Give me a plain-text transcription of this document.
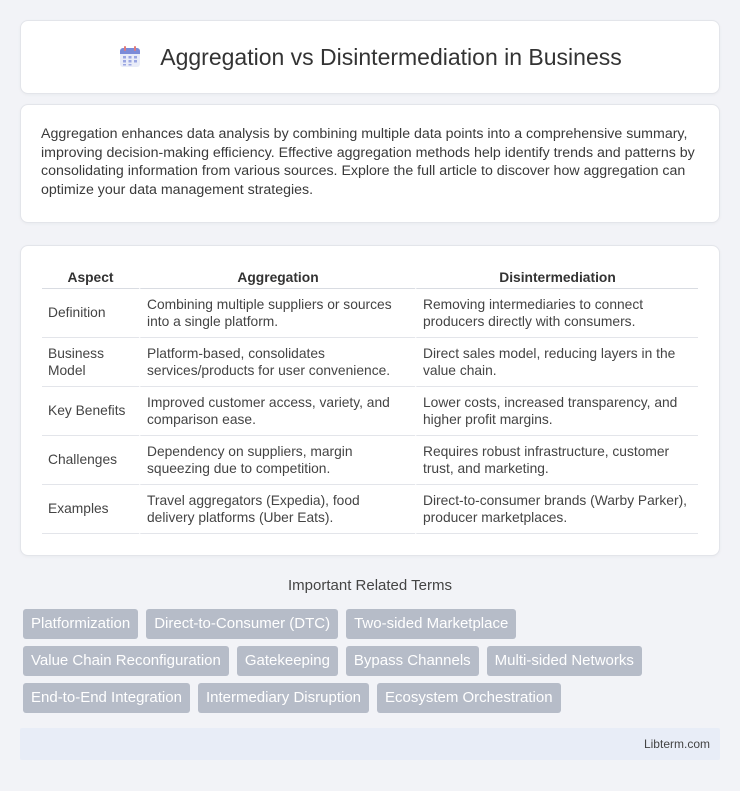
Aggregation vs Disintermediation in Business

Aggregation enhances data analysis by combining multiple data points into a comprehensive summary, improving decision-making efficiency. Effective aggregation methods help identify trends and patterns by consolidating information from various sources. Explore the full article to discover how aggregation can optimize your data management strategies.

Aspect	Aggregation	Disintermediation
Definition	Combining multiple suppliers or sources into a single platform.	Removing intermediaries to connect producers directly with consumers.
Business Model	Platform-based, consolidates services/products for user convenience.	Direct sales model, reducing layers in the value chain.
Key Benefits	Improved customer access, variety, and comparison ease.	Lower costs, increased transparency, and higher profit margins.
Challenges	Dependency on suppliers, margin squeezing due to competition.	Requires robust infrastructure, customer trust, and marketing.
Examples	Travel aggregators (Expedia), food delivery platforms (Uber Eats).	Direct-to-consumer brands (Warby Parker), producer marketplaces.
Important Related Terms
Platformization	Direct-to-Consumer (DTC)	Two-sided Marketplace
Value Chain Reconfiguration	Gatekeeping	Bypass Channels	Multi-sided Networks
End-to-End Integration	Intermediary Disruption	Ecosystem Orchestration
Libterm.com
